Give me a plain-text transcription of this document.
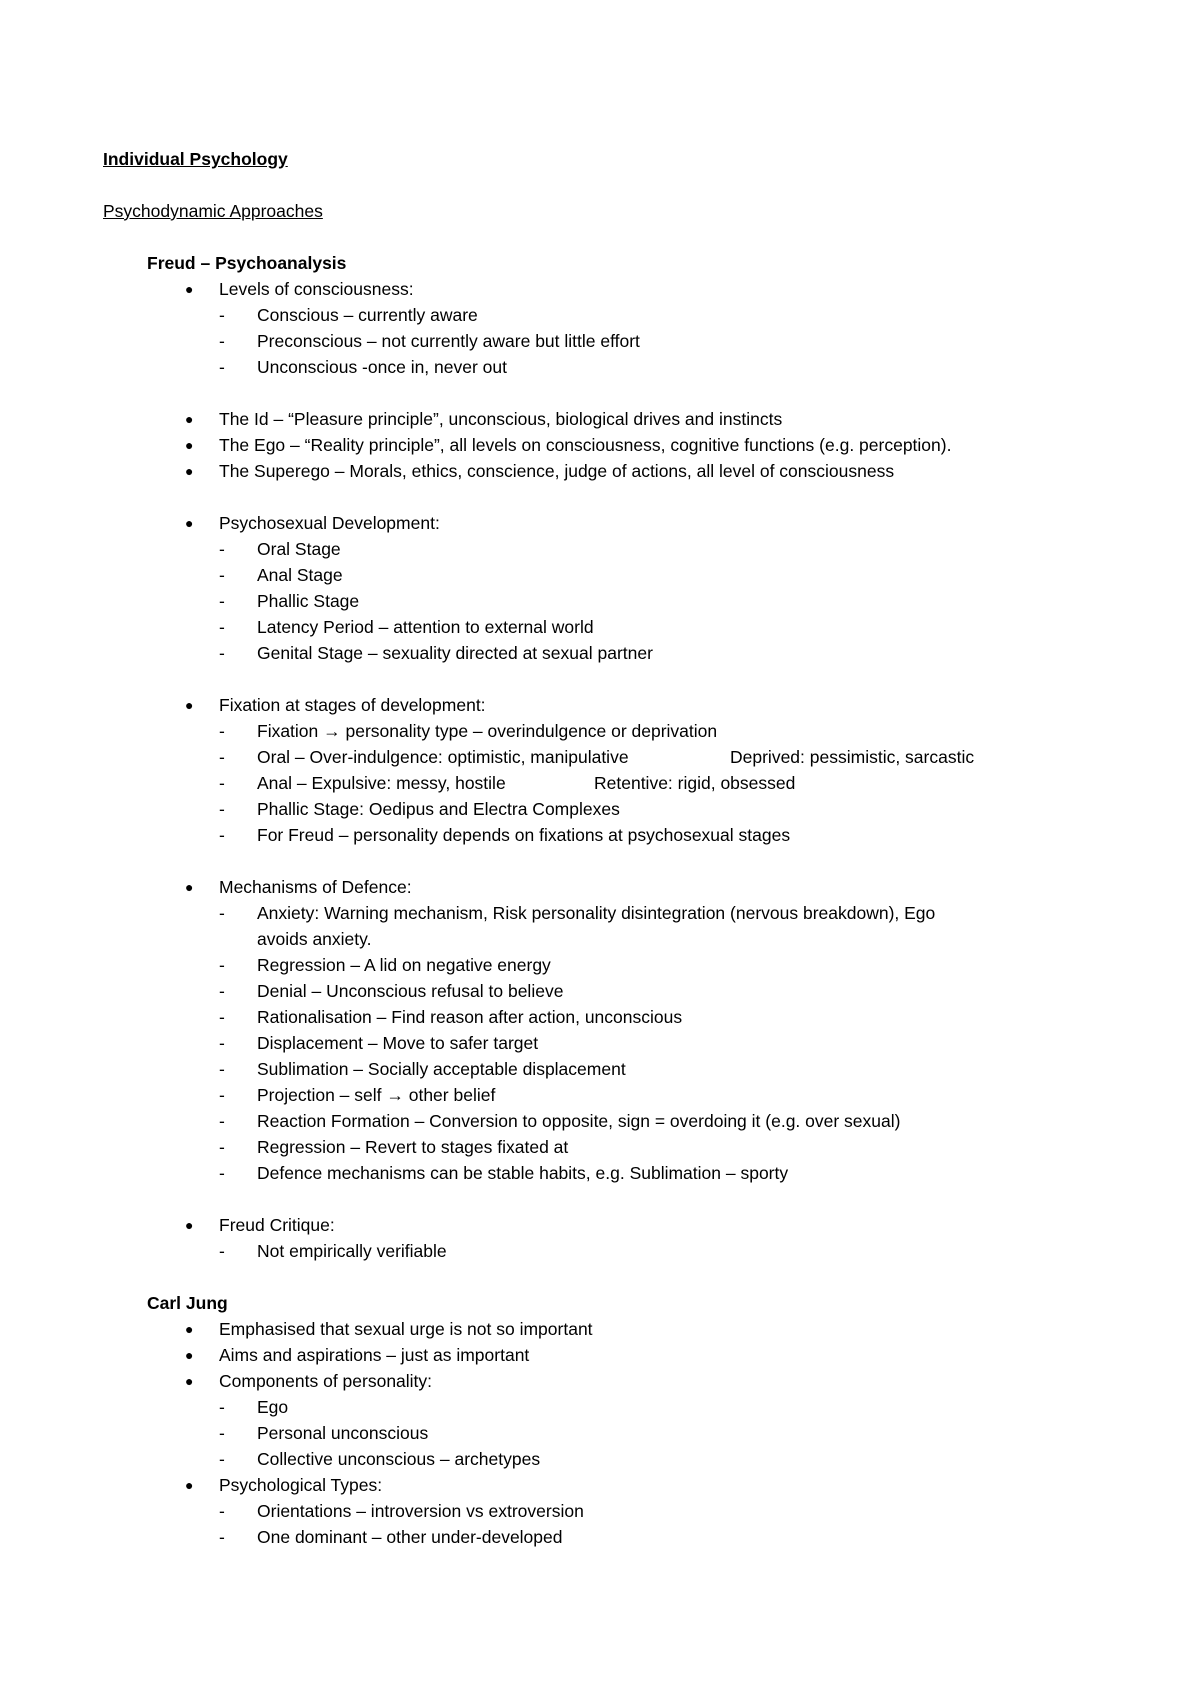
Individual Psychology
Psychodynamic Approaches
Freud – Psychoanalysis
● Levels of consciousness:
- Conscious – currently aware
- Preconscious – not currently aware but little effort
- Unconscious -once in, never out
● The Id – “Pleasure principle”, unconscious, biological drives and instincts
● The Ego – “Reality principle”, all levels on consciousness, cognitive functions (e.g. perception).
● The Superego – Morals, ethics, conscience, judge of actions, all level of consciousness
● Psychosexual Development:
- Oral Stage
- Anal Stage
- Phallic Stage
- Latency Period – attention to external world
- Genital Stage – sexuality directed at sexual partner
● Fixation at stages of development:
- Fixation → personality type – overindulgence or deprivation
- Oral – Over-indulgence: optimistic, manipulative	Deprived: pessimistic, sarcastic
- Anal – Expulsive: messy, hostile	Retentive: rigid, obsessed
- Phallic Stage: Oedipus and Electra Complexes
- For Freud – personality depends on fixations at psychosexual stages
● Mechanisms of Defence:
- Anxiety: Warning mechanism, Risk personality disintegration (nervous breakdown), Ego
avoids anxiety.
- Regression – A lid on negative energy
- Denial – Unconscious refusal to believe
- Rationalisation – Find reason after action, unconscious
- Displacement – Move to safer target
- Sublimation – Socially acceptable displacement
- Projection – self → other belief
- Reaction Formation – Conversion to opposite, sign = overdoing it (e.g. over sexual)
- Regression – Revert to stages fixated at
- Defence mechanisms can be stable habits, e.g. Sublimation – sporty
● Freud Critique:
- Not empirically verifiable
Carl Jung
● Emphasised that sexual urge is not so important
● Aims and aspirations – just as important
● Components of personality:
- Ego
- Personal unconscious
- Collective unconscious – archetypes
● Psychological Types:
- Orientations – introversion vs extroversion
- One dominant – other under-developed
